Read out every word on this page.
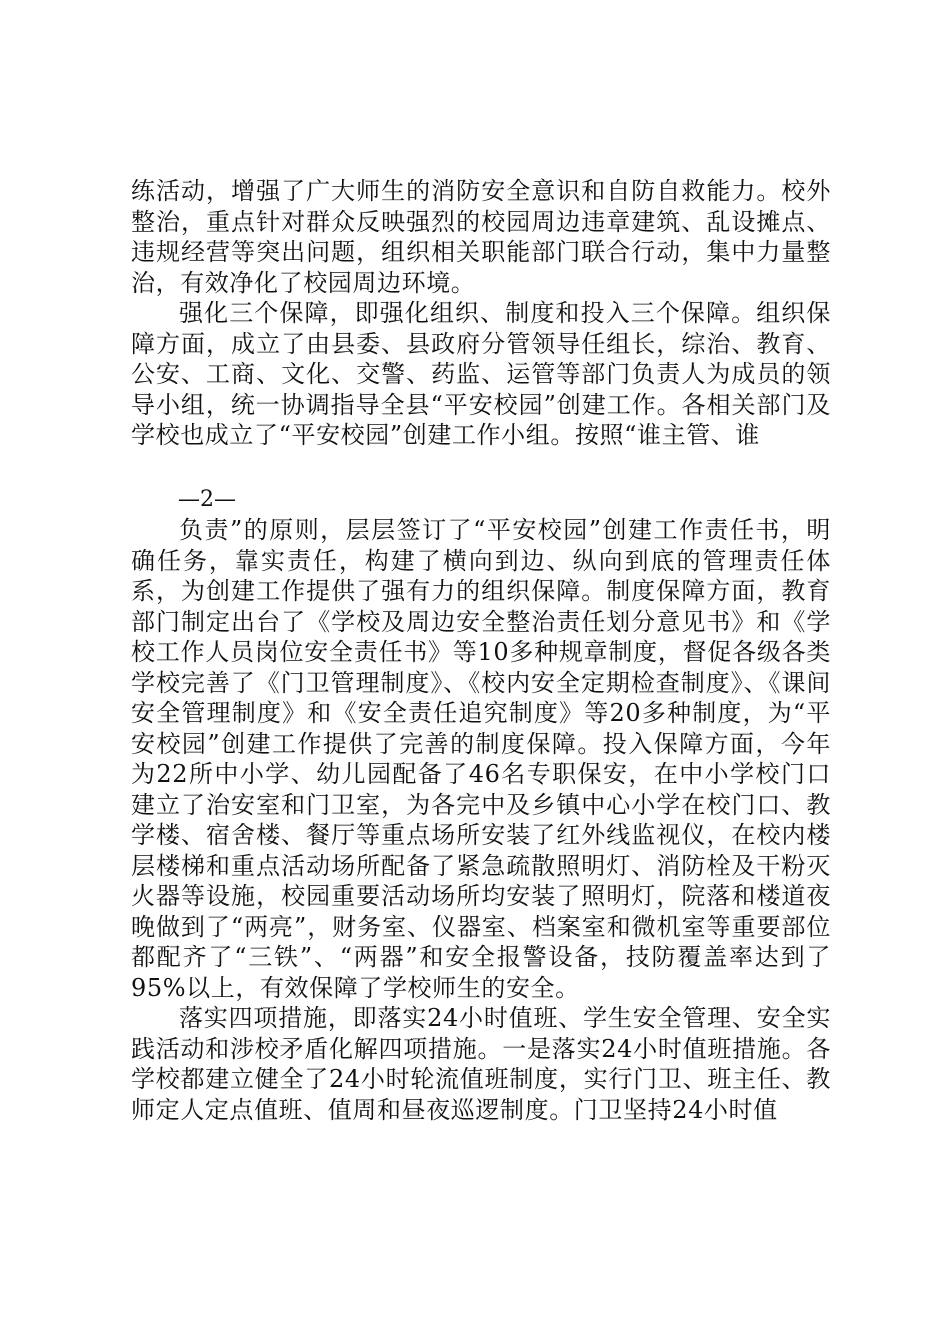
练活动，增强了广大师生的消防安全意识和自防自救能力。校外整治，重点针对群众反映强烈的校园周边违章建筑、乱设摊点、违规经营等突出问题，组织相关职能部门联合行动，集中力量整治，有效净化了校园周边环境。

强化三个保障，即强化组织、制度和投入三个保障。组织保障方面，成立了由县委、县政府分管领导任组长，综治、教育、公安、工商、文化、交警、药监、运管等部门负责人为成员的领导小组，统一协调指导全县“平安校园”创建工作。各相关部门及学校也成立了“平安校园”创建工作小组。按照“谁主管、谁

—2—

负责”的原则，层层签订了“平安校园”创建工作责任书，明确任务，靠实责任，构建了横向到边、纵向到底的管理责任体系，为创建工作提供了强有力的组织保障。制度保障方面，教育部门制定出台了《学校及周边安全整治责任划分意见书》和《学校工作人员岗位安全责任书》等10多种规章制度，督促各级各类学校完善了《门卫管理制度》、《校内安全定期检查制度》、《课间安全管理制度》和《安全责任追究制度》等20多种制度，为“平安校园”创建工作提供了完善的制度保障。投入保障方面，今年为22所中小学、幼儿园配备了46名专职保安，在中小学校门口建立了治安室和门卫室，为各完中及乡镇中心小学在校门口、教学楼、宿舍楼、餐厅等重点场所安装了红外线监视仪，在校内楼层楼梯和重点活动场所配备了紧急疏散照明灯、消防栓及干粉灭火器等设施，校园重要活动场所均安装了照明灯，院落和楼道夜晚做到了“两亮”，财务室、仪器室、档案室和微机室等重要部位都配齐了“三铁”、“两器”和安全报警设备，技防覆盖率达到了95%以上，有效保障了学校师生的安全。

落实四项措施，即落实24小时值班、学生安全管理、安全实践活动和涉校矛盾化解四项措施。一是落实24小时值班措施。各学校都建立健全了24小时轮流值班制度，实行门卫、班主任、教师定人定点值班、值周和昼夜巡逻制度。门卫坚持24小时值
